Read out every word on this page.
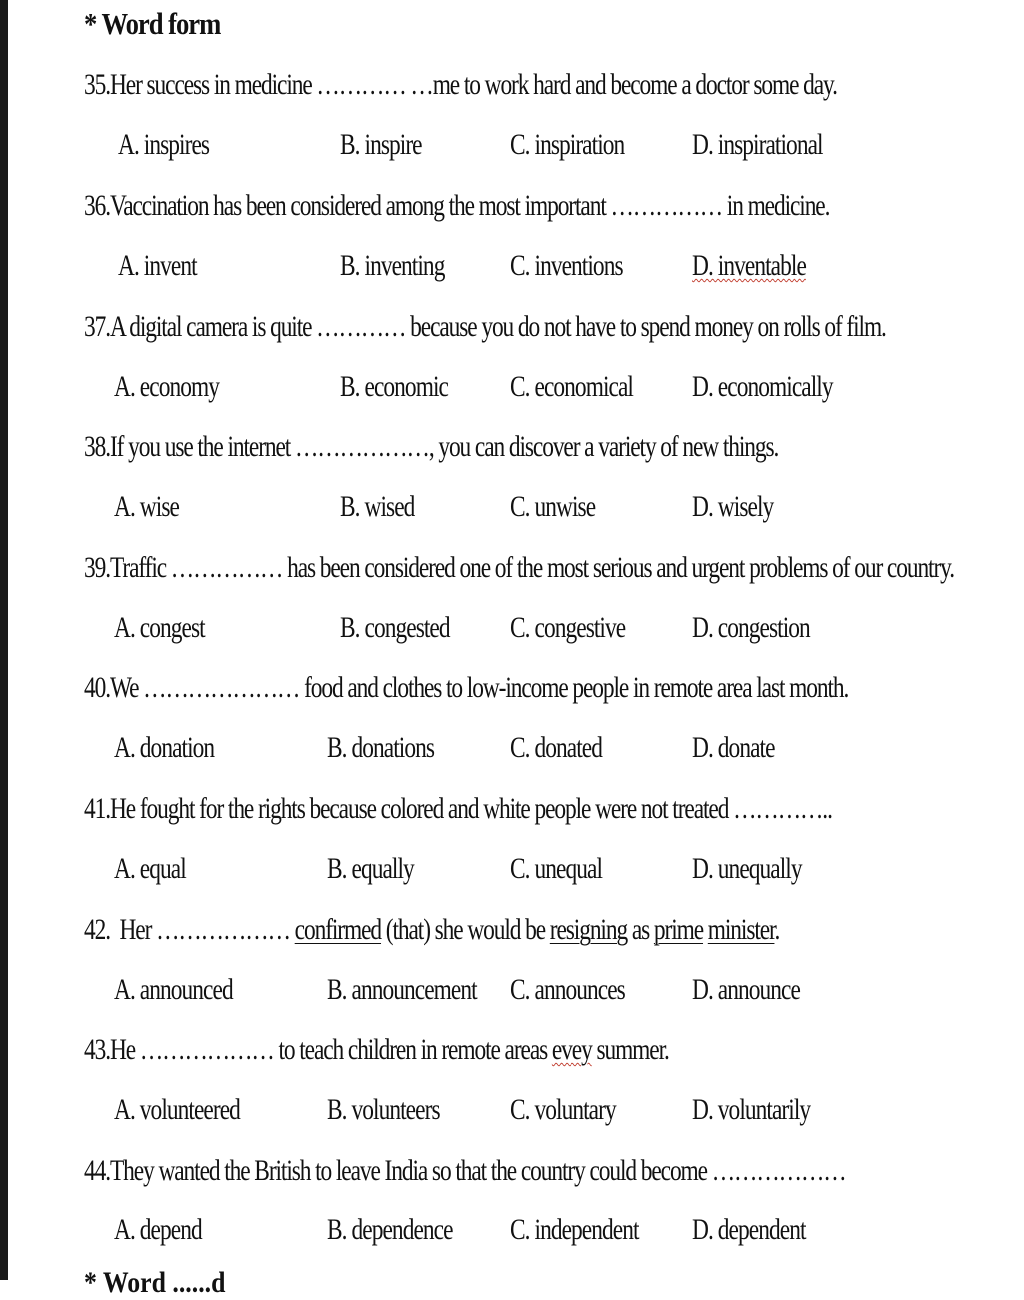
* Word form
35.Her success in medicine ………… …me to work hard and become a doctor some day.
A. inspires	B. inspire	C. inspiration D. inspirational
36.Vaccination has been considered among the most important …………… in medicine.
A. invent	B. inventing C. inventions D. inventable
37.A digital camera is quite ………… because you do not have to spend money on rolls of film.
A. economy	B. economic C. economical D. economically
38.If you use the internet ………………, you can discover a variety of new things.
A. wise	B. wised	C. unwise	D. wisely
39.Traffic …………… has been considered one of the most serious and urgent problems of our country.
A. congest	B. congested C. congestive D. congestion
40.We ………………… food and clothes to low-income people in remote area last month.
A. donation	B. donations	C. donated	D. donate
41.He fought for the rights because colored and white people were not treated …………..
A. equal	B. equally	C. unequal	D. unequally
42.  Her ……………… confirmed (that) she would be resigning as prime minister.
A. announced	B. announcement C. announces D. announce
43.He ……………… to teach children in remote areas evey summer.
A. volunteered	B. volunteers C. voluntary	D. voluntarily
44.They wanted the British to leave India so that the country could become ………………
A. depend	B. dependence C. independent D. dependent
* Word ......d
